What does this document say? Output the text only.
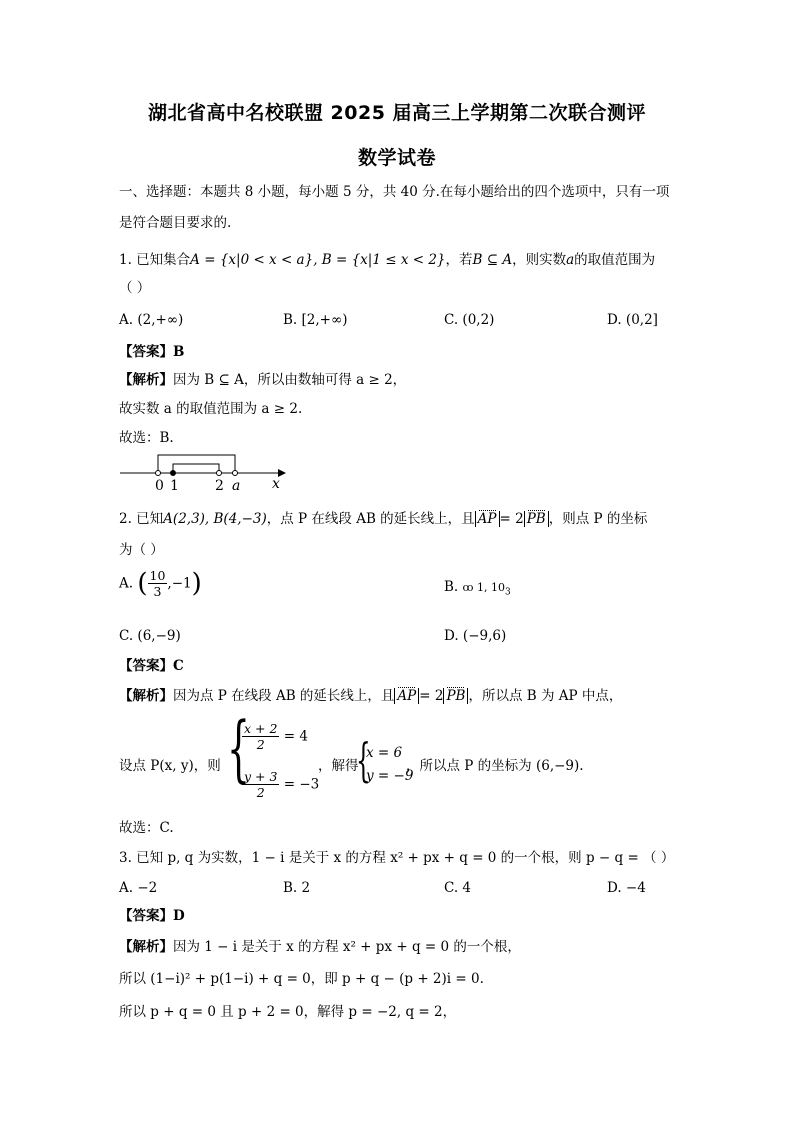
湖北省高中名校联盟 2025 届高三上学期第二次联合测评
数学试卷
一、选择题：本题共 8 小题，每小题 5 分，共 40 分.在每小题给出的四个选项中，只有一项
是符合题目要求的.
1. 已知集合A = {x|0 < x < a}, B = {x|1 ≤ x < 2}，若B ⊆ A，则实数a的取值范围为
（ ）
A. (2,+∞)	B. [2,+∞)	C. (0,2)	D. (0,2]
【答案】B
【解析】因为 B ⊆ A，所以由数轴可得 a ≥ 2，
故实数 a 的取值范围为 a ≥ 2.
故选：B.
0 1	2 a x
2. 已知A(2,3), B(4,−3)，点 P 在线段 AB 的延长线上，且 AP = 2 PB ，则点 P 的坐标
为（ ）
A. ( $\frac{10}{3} ,-1$)	B. ꝏ 1, $10_3$
C. (6,−9)	D. (−9,6)
【答案】C
【解析】因为点 P 在线段 AB 的延长线上，且 AP = 2 PB ，所以点 B 为 AP 中点，
设点 P(x, y)，则 {
$\frac{x + 2}{2} = 4$
$\frac{y + 3}{2} = -3$
，解得
{
x = 6
y = −9
，所以点 P 的坐标为 (6,−9).
故选：C.
3. 已知 p, q 为实数，1 − i 是关于 x 的方程 x² + px + q = 0 的一个根，则 p − q = （ ）
A. −2	B. 2	C. 4	D. −4
【答案】D
【解析】因为 1 − i 是关于 x 的方程 x² + px + q = 0 的一个根，
所以 (1−i)² + p(1−i) + q = 0，即 p + q − (p + 2)i = 0.
所以 p + q = 0 且 p + 2 = 0，解得 p = −2, q = 2，
